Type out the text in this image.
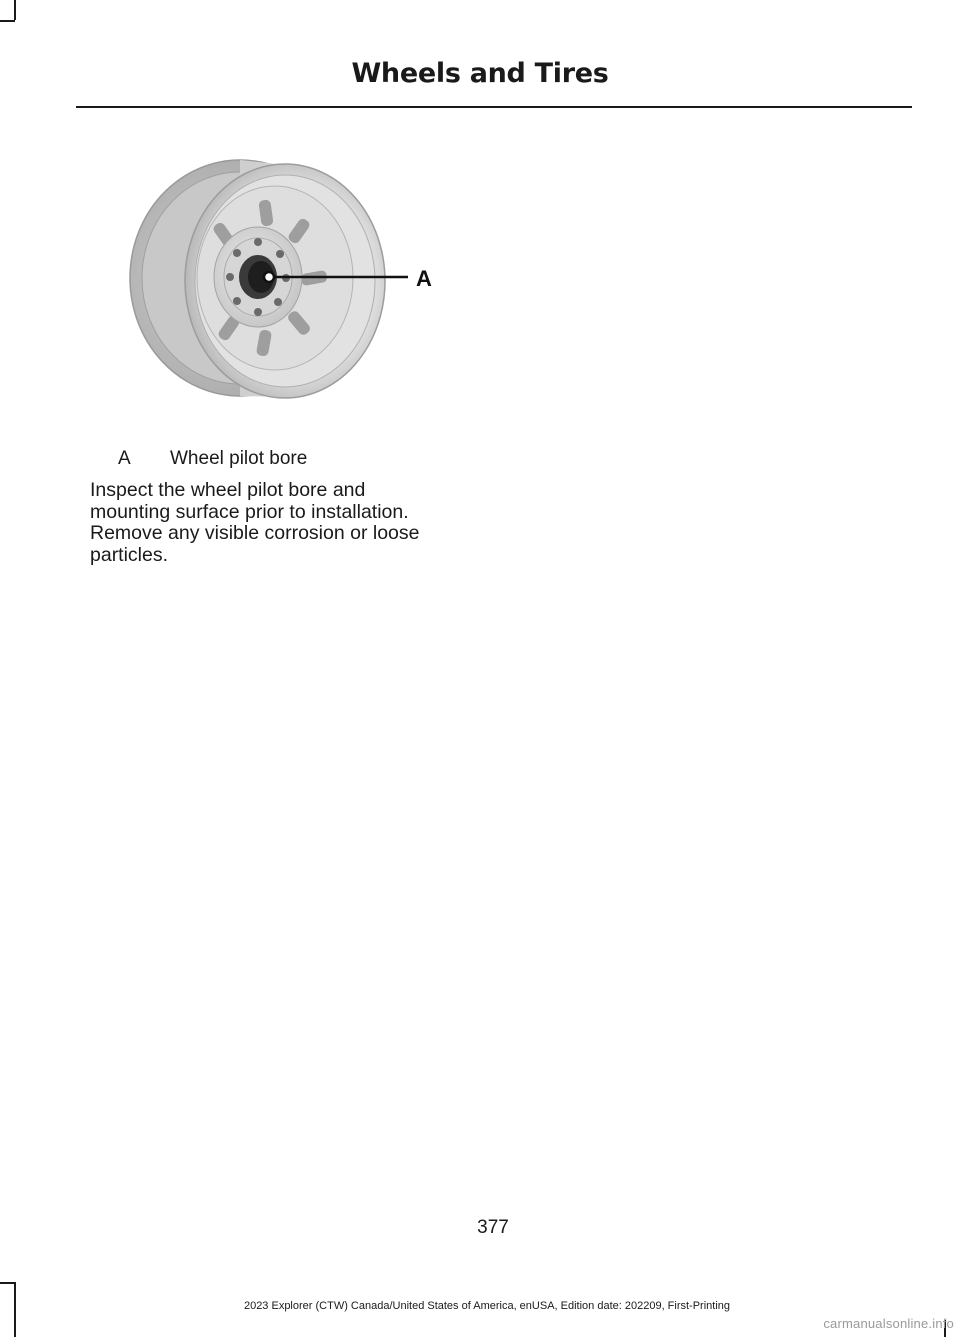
Wheels and Tires
A
A Wheel pilot bore
Inspect the wheel pilot bore and mounting surface prior to installation. Remove any visible corrosion or loose particles.
377
2023 Explorer (CTW) Canada/United States of America, enUSA, Edition date: 202209, First-Printing
carmanualsonline.info
